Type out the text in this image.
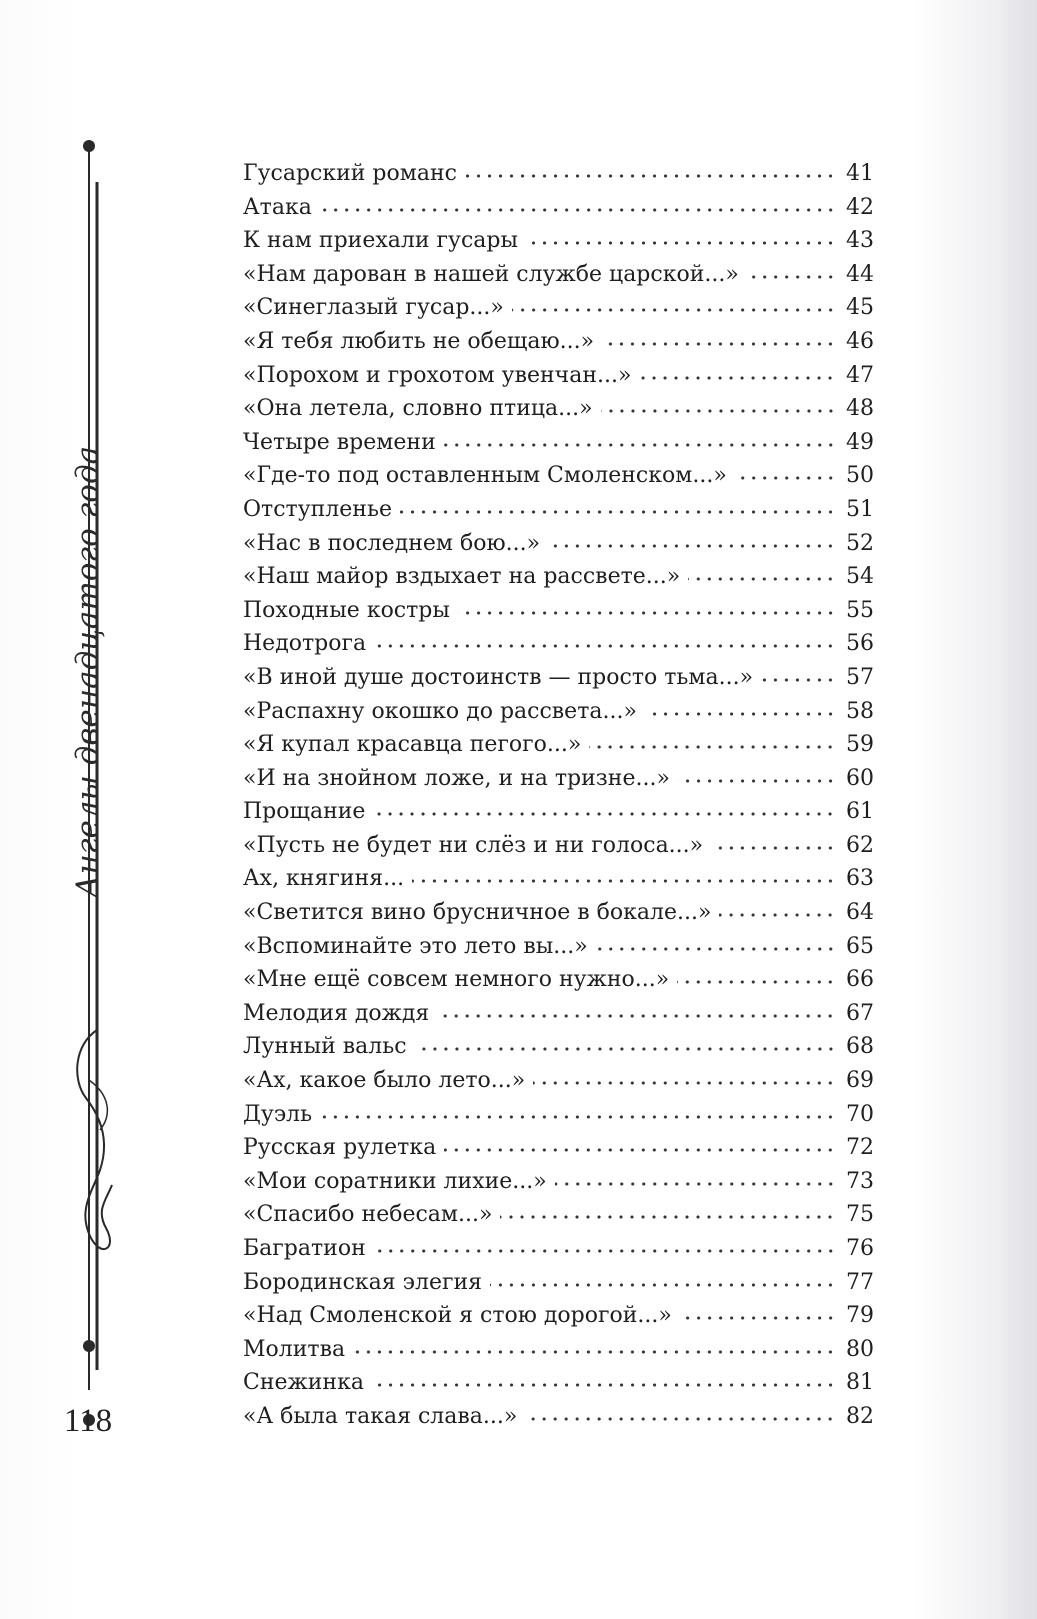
Ангелы двенадцатого года
118
Гусарский романс	41
Атака	42
К нам приехали гусары	43
«Нам дарован в нашей службе царской...»	44
«Синеглазый гусар...»	45
«Я тебя любить не обещаю...»	46
«Порохом и грохотом увенчан...»	47
«Она летела, словно птица...»	48
Четыре времени	49
«Где-то под оставленным Смоленском...»	50
Отступленье	51
«Нас в последнем бою...»	52
«Наш майор вздыхает на рассвете...»	54
Походные костры	55
Недотрога	56
«В иной душе достоинств — просто тьма...»	57
«Распахну окошко до рассвета...»	58
«Я купал красавца пегого...»	59
«И на знойном ложе, и на тризне...»	60
Прощание	61
«Пусть не будет ни слёз и ни голоса...»	62
Ах, княгиня...	63
«Светится вино брусничное в бокале...»	64
«Вспоминайте это лето вы...»	65
«Мне ещё совсем немного нужно...»	66
Мелодия дождя	67
Лунный вальс	68
«Ах, какое было лето...»	69
Дуэль	70
Русская рулетка	72
«Мои соратники лихие...»	73
«Спасибо небесам...»	75
Багратион	76
Бородинская элегия	77
«Над Смоленской я стою дорогой...»	79
Молитва	80
Снежинка	81
«А была такая слава...»	82
